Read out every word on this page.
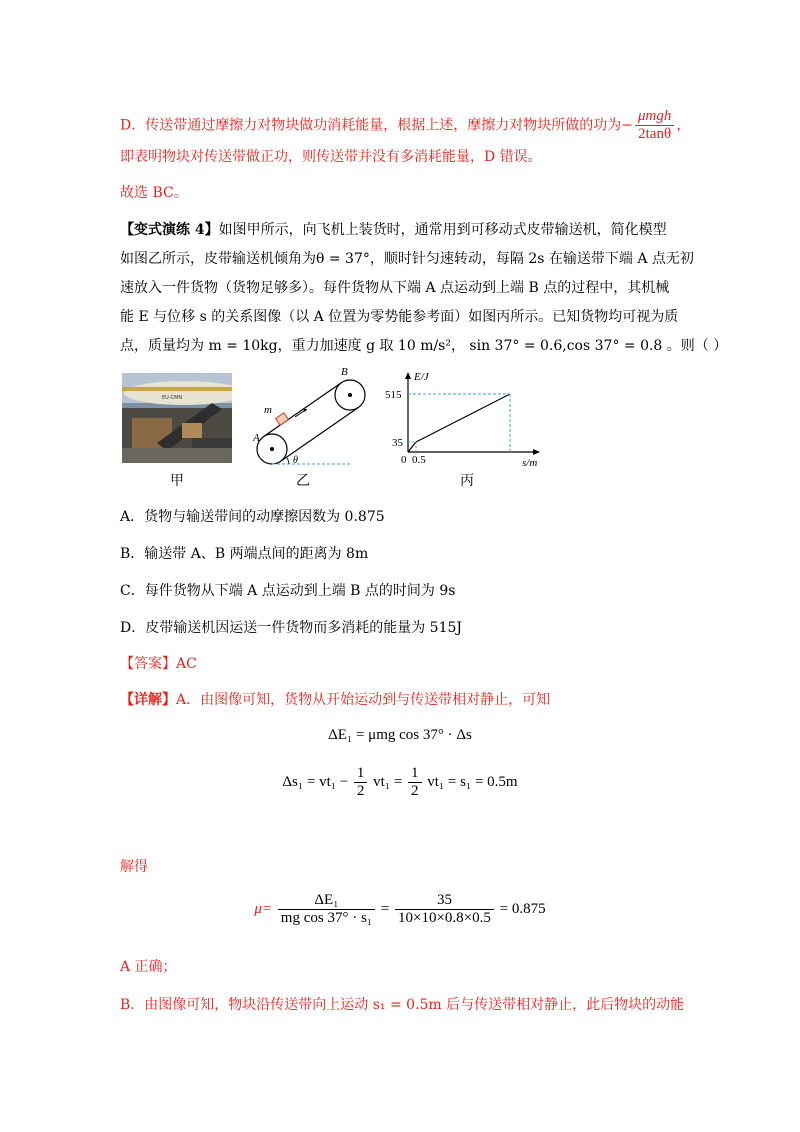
D．传送带通过摩擦力对物块做功消耗能量，根据上述，摩擦力对物块所做的功为− $\frac{\text{μmgh}}{2\tan\theta}$ ，
即表明物块对传送带做正功，则传送带并没有多消耗能量，D 错误。
故选 BC。
【变式演练 4】如图甲所示，向飞机上装货时，通常用到可移动式皮带输送机，简化模型
如图乙所示，皮带输送机倾角为θ = 37°，顺时针匀速转动，每隔 2s 在输送带下端 A 点无初
速放入一件货物（货物足够多）。每件货物从下端 A 点运动到上端 B 点的过程中，其机械
能 E 与位移 s 的关系图像（以 A 位置为零势能参考面）如图丙所示。已知货物均可视为质
点，质量均为 m = 10kg，重力加速度 g 取 10 m/s²， sin 37° = 0.6,cos 37° = 0.8 。则（ ）
EU-CMN
甲
B
A
m
θ
乙
E/J
s/m
515
35
0 0.5
丙
A．货物与输送带间的动摩擦因数为 0.875
B．输送带 A、B 两端点间的距离为 8m
C．每件货物从下端 A 点运动到上端 B 点的时间为 9s
D．皮带输送机因运送一件货物而多消耗的能量为 515J
【答案】AC
【详解】A．由图像可知，货物从开始运动到与传送带相对静止，可知
ΔE₁ = μmg cos 37° · Δs
$\Delta s_1 = vt_1 - \frac{1}{2} vt_1 = \frac{1}{2} vt_1 = s_1 = 0.5m$
解得
$\mu= \frac{\text{ΔE₁}}{\text{mg cos 37° · s₁}} = \frac{35}{10\times 10\times 0.8\times 0.5} = 0.875$
A 正确；
B．由图像可知，物块沿传送带向上运动 s₁ = 0.5m 后与传送带相对静止，此后物块的动能
